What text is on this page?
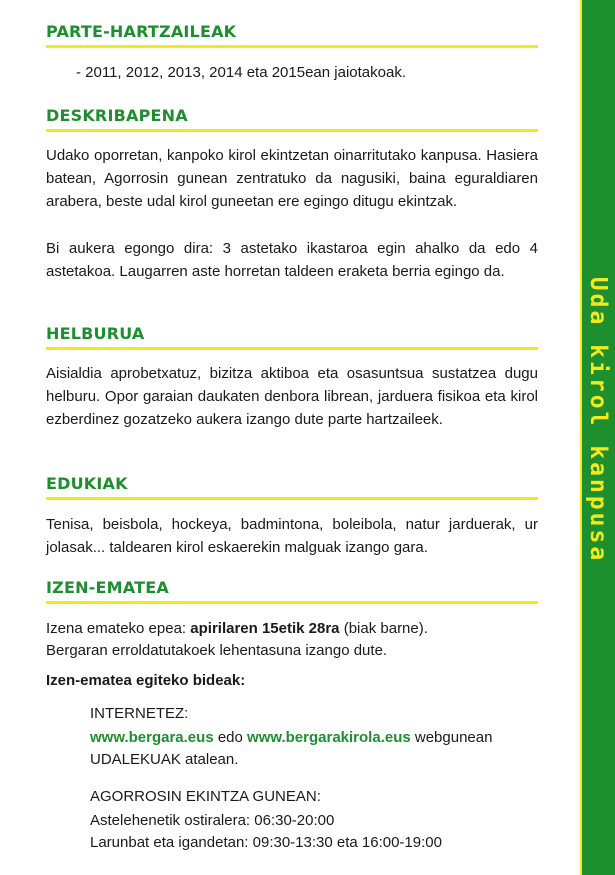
PARTE-HARTZAILEAK

- 2011, 2012, 2013, 2014 eta 2015ean jaiotakoak.

DESKRIBAPENA

Udako oporretan, kanpoko kirol ekintzetan oinarritutako kanpusa. Hasiera batean, Agorrosin gunean zentratuko da nagusiki, baina eguraldiaren arabera, beste udal kirol guneetan ere egingo ditugu ekintzak.

Bi aukera egongo dira: 3 astetako ikastaroa egin ahalko da edo 4 astetakoa. Laugarren aste horretan taldeen eraketa berria egingo da.

HELBURUA

Aisialdia aprobetxatuz, bizitza aktiboa eta osasuntsua sustatzea dugu helburu. Opor garaian daukaten denbora librean, jarduera fisikoa eta kirol ezberdinez gozatzeko aukera izango dute parte hartzaileek.

EDUKIAK

Tenisa, beisbola, hockeya, badmintona, boleibola, natur jarduerak, ur jolasak... taldearen kirol eskaerekin malguak izango gara.

IZEN-EMATEA

Izena emateko epea: apirilaren 15etik 28ra (biak barne).

Bergaran erroldatutakoek lehentasuna izango dute.

Izen-ematea egiteko bideak:

INTERNETEZ:

www.bergara.eus edo www.bergarakirola.eus webgunean

UDALEKUAK atalean.

AGORROSIN EKINTZA GUNEAN:

Astelehenetik ostiralera: 06:30-20:00

Larunbat eta igandetan: 09:30-13:30 eta 16:00-19:00

Uda kirol kanpusa
